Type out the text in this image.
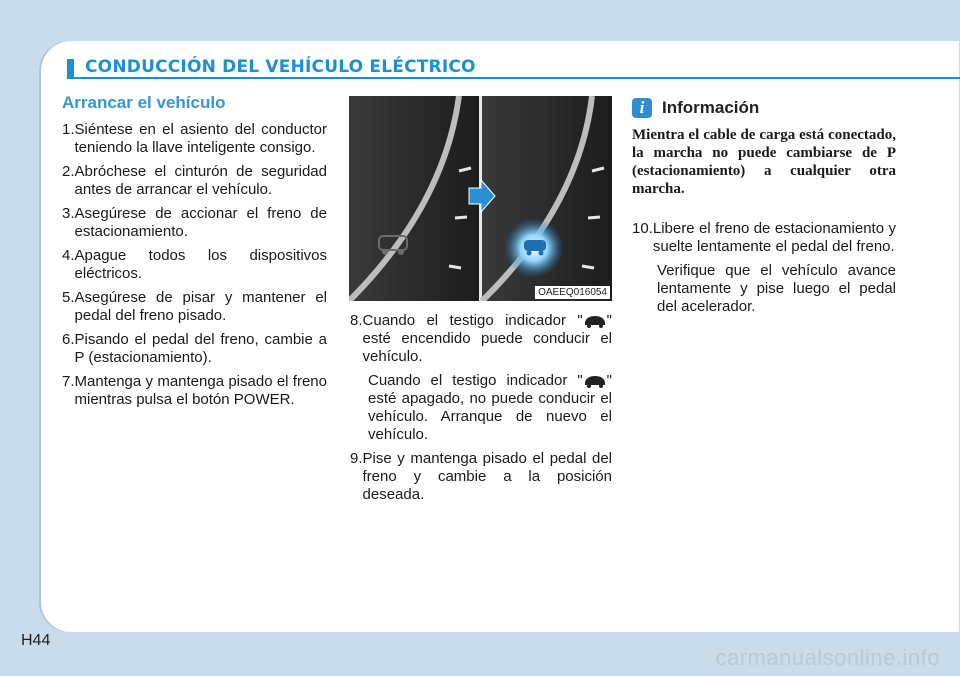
CONDUCCIÓN DEL VEHÍCULO ELÉCTRICO
Arrancar el vehículo
1. Siéntese en el asiento del conductor teniendo la llave inteligente consigo.
2. Abróchese el cinturón de seguridad antes de arrancar el vehículo.
3. Asegúrese de accionar el freno de estacionamiento.
4. Apague todos los dispositivos eléctricos.
5. Asegúrese de pisar y mantener el pedal del freno pisado.
6. Pisando el pedal del freno, cambie a P (estacionamiento).
7. Mantenga y mantenga pisado el freno mientras pulsa el botón POWER.
OAEEQ016054
8. Cuando el testigo indicador " " esté encendido puede conducir el vehículo.
Cuando el testigo indicador " " esté apagado, no puede conducir el vehículo. Arranque de nuevo el vehículo.
9. Pise y mantenga pisado el pedal del freno y cambie a la posición deseada.
i	Información

Mientra el cable de carga está conectado, la marcha no puede cambiarse de P (estacionamiento) a cualquier otra marcha.

10. Libere el freno de estacionamiento y suelte lentamente el pedal del freno.
Verifique que el vehículo avance lentamente y pise luego el pedal del acelerador.
H44
carmanualsonline.info
